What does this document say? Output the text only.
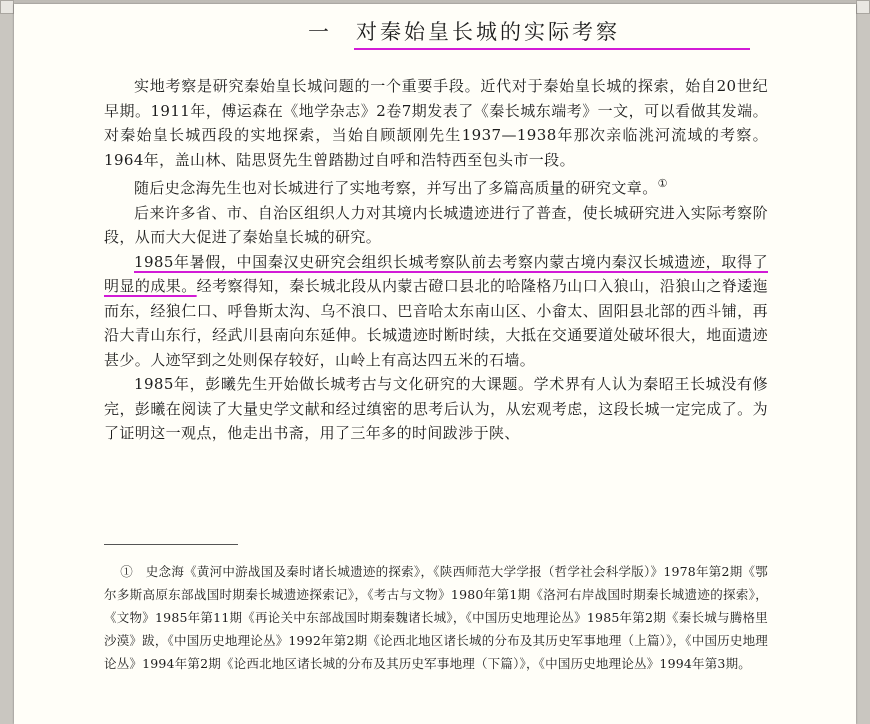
一　对秦始皇长城的实际考察

实地考察是研究秦始皇长城问题的一个重要手段。近代对于秦始皇长城的探索，始自20世纪早期。1911年，傅运森在《地学杂志》2卷7期发表了《秦长城东端考》一文，可以看做其发端。对秦始皇长城西段的实地探索，当始自顾颉刚先生1937—1938年那次亲临洮河流域的考察。1964年，盖山林、陆思贤先生曾踏勘过自呼和浩特西至包头市一段。

随后史念海先生也对长城进行了实地考察，并写出了多篇高质量的研究文章。①

后来许多省、市、自治区组织人力对其境内长城遗迹进行了普查，使长城研究进入实际考察阶段，从而大大促进了秦始皇长城的研究。

1985年暑假，中国秦汉史研究会组织长城考察队前去考察内蒙古境内秦汉长城遗迹，取得了明显的成果。经考察得知，秦长城北段从内蒙古磴口县北的哈隆格乃山口入狼山，沿狼山之脊逶迤而东，经狼仁口、呼鲁斯太沟、乌不浪口、巴音哈太东南山区、小畲太、固阳县北部的西斗铺，再沿大青山东行，经武川县南向东延伸。长城遗迹时断时续，大抵在交通要道处破坏很大，地面遗迹甚少。人迹罕到之处则保存较好，山岭上有高达四五米的石墙。

1985年，彭曦先生开始做长城考古与文化研究的大课题。学术界有人认为秦昭王长城没有修完，彭曦在阅读了大量史学文献和经过缜密的思考后认为，从宏观考虑，这段长城一定完成了。为了证明这一观点，他走出书斋，用了三年多的时间跋涉于陕、

①　史念海《黄河中游战国及秦时诸长城遗迹的探索》，《陕西师范大学学报（哲学社会科学版）》1978年第2期《鄂尔多斯高原东部战国时期秦长城遗迹探索记》，《考古与文物》1980年第1期《洛河右岸战国时期秦长城遗迹的探索》，《文物》1985年第11期《再论关中东部战国时期秦魏诸长城》，《中国历史地理论丛》1985年第2期《秦长城与腾格里沙漠》跋，《中国历史地理论丛》1992年第2期《论西北地区诸长城的分布及其历史军事地理（上篇）》，《中国历史地理论丛》1994年第2期《论西北地区诸长城的分布及其历史军事地理（下篇）》，《中国历史地理论丛》1994年第3期。
